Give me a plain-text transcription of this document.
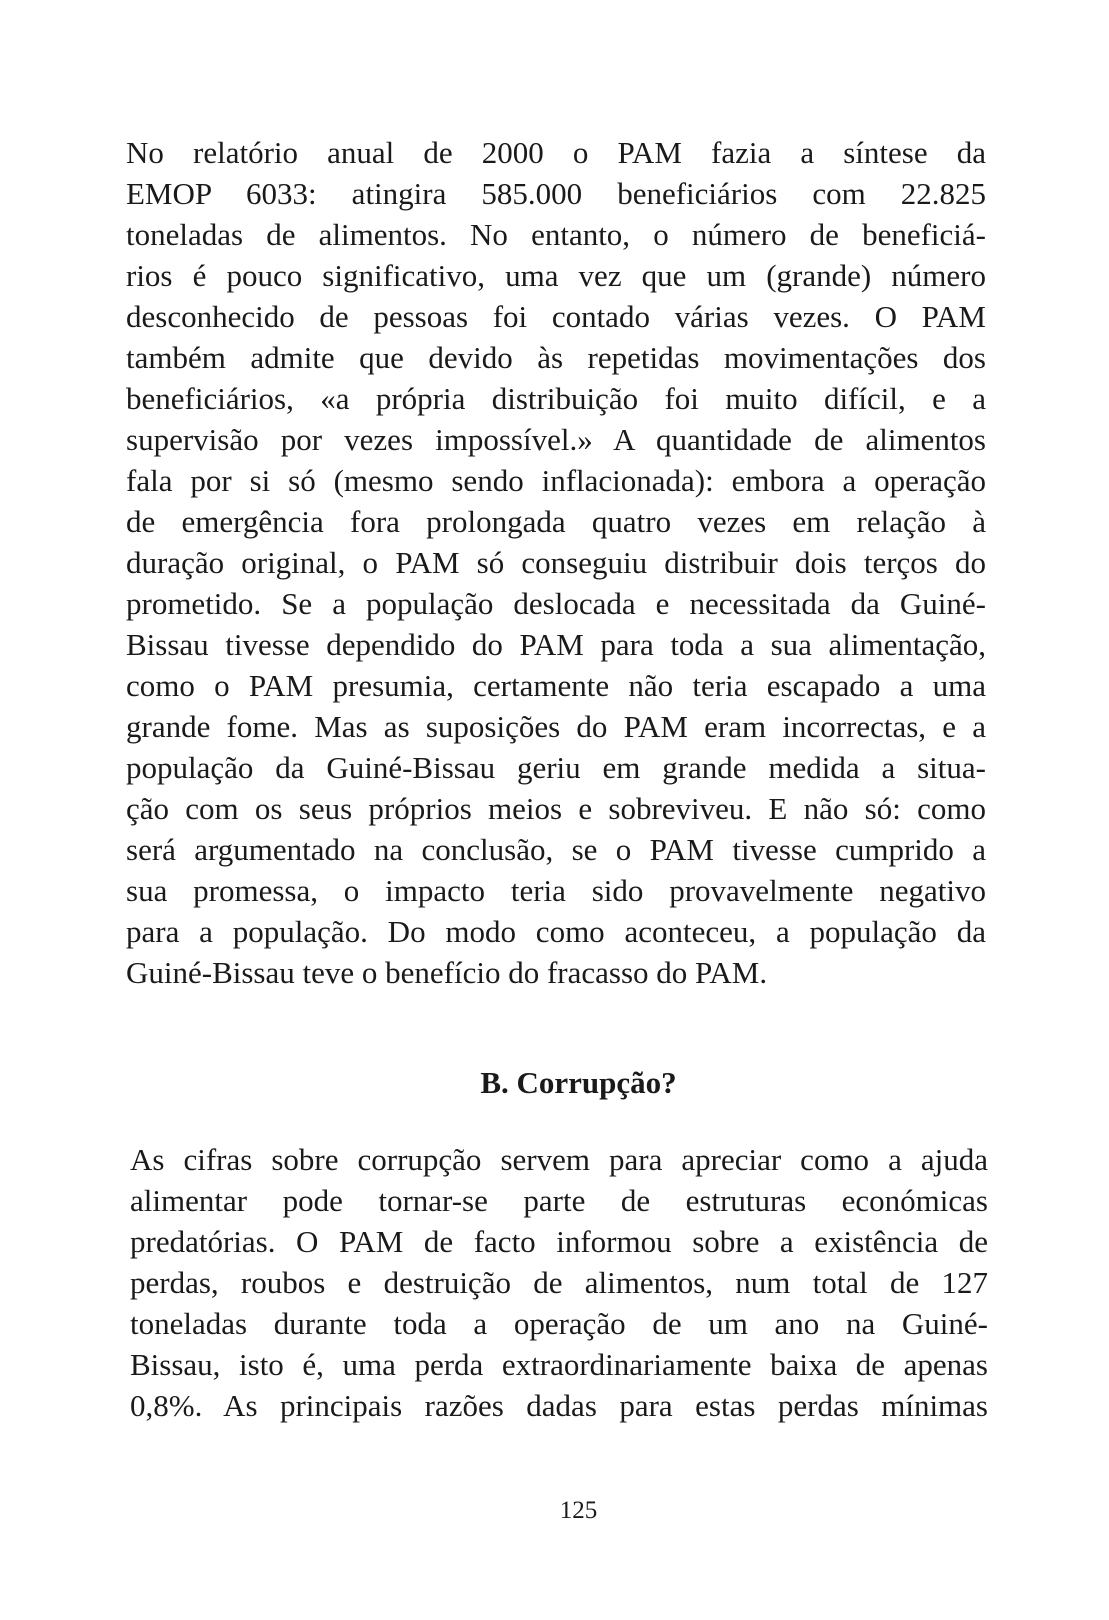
No relatório anual de 2000 o PAM fazia a síntese da
EMOP 6033: atingira 585.000 beneficiários com 22.825
toneladas de alimentos. No entanto, o número de beneficiá-
rios é pouco significativo, uma vez que um (grande) número
desconhecido de pessoas foi contado várias vezes. O PAM
também admite que devido às repetidas movimentações dos
beneficiários, «a própria distribuição foi muito difícil, e a
supervisão por vezes impossível.» A quantidade de alimentos
fala por si só (mesmo sendo inflacionada): embora a operação
de emergência fora prolongada quatro vezes em relação à
duração original, o PAM só conseguiu distribuir dois terços do
prometido. Se a população deslocada e necessitada da Guiné-
Bissau tivesse dependido do PAM para toda a sua alimentação,
como o PAM presumia, certamente não teria escapado a uma
grande fome. Mas as suposições do PAM eram incorrectas, e a
população da Guiné-Bissau geriu em grande medida a situa-
ção com os seus próprios meios e sobreviveu. E não só: como
será argumentado na conclusão, se o PAM tivesse cumprido a
sua promessa, o impacto teria sido provavelmente negativo
para a população. Do modo como aconteceu, a população da
Guiné-Bissau teve o benefício do fracasso do PAM.

B. Corrupção?

As cifras sobre corrupção servem para apreciar como a ajuda
alimentar pode tornar-se parte de estruturas económicas
predatórias. O PAM de facto informou sobre a existência de
perdas, roubos e destruição de alimentos, num total de 127
toneladas durante toda a operação de um ano na Guiné-
Bissau, isto é, uma perda extraordinariamente baixa de apenas
0,8%. As principais razões dadas para estas perdas mínimas

125
